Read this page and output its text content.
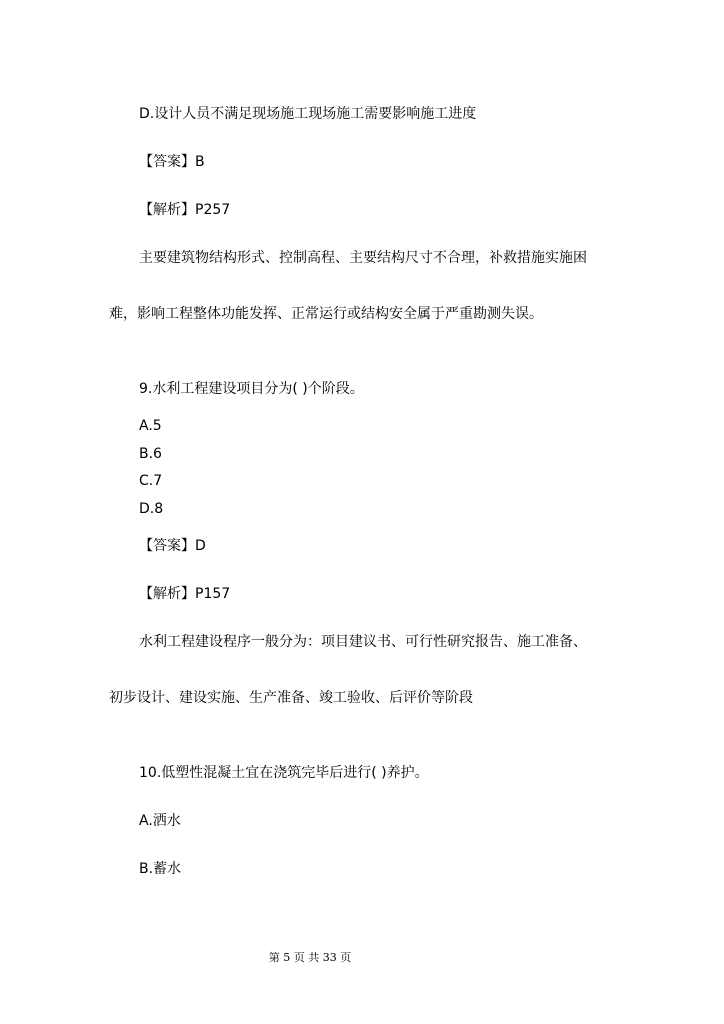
D.设计人员不满足现场施工现场施工需要影响施工进度
【答案】B
【解析】P257
主要建筑物结构形式、控制高程、主要结构尺寸不合理，补救措施实施困
难，影响工程整体功能发挥、正常运行或结构安全属于严重勘测失误。
9.水利工程建设项目分为( )个阶段。
A.5
B.6
C.7
D.8
【答案】D
【解析】P157
水利工程建设程序一般分为：项目建议书、可行性研究报告、施工准备、
初步设计、建设实施、生产准备、竣工验收、后评价等阶段
10.低塑性混凝土宜在浇筑完毕后进行( )养护。
A.洒水
B.蓄水
第 5 页 共 33 页
